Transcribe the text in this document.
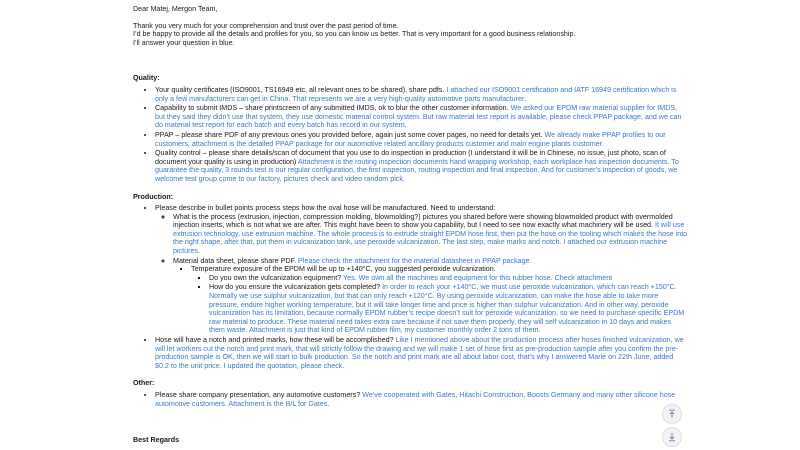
Dear Matej, Mergon Team,

Thank you very much for your comprehension and trust over the past period of time.

I’d be happy to provide all the details and profiles for you, so you can know us better. That is very important for a good business relationship.

I’ll answer your question in blue.

Quality:

• Your quality certificates (ISO9001, TS16949 etc, all relevant ones to be shared), share pdfs. I attached our ISO9001 certification and IATF 16949 certification which is only a few manufacturers can get in China. That represents we are a very high-quality automotive parts manufacturer.
• Capability to submit IMDS – share printscreen of any submitted IMDS, ok to blur the other customer information. We asked our EPDM raw material supplier for IMDS, but they said they didn’t use that system, they use domestic material control system. But raw material test report is available, please check PPAP package, and we can do material test report for each batch and every batch has record in our system.
• PPAP – please share PDF of any previous ones you provided before, again just some cover pages, no need for details yet. We already make PPAP profiles to our customers, attachment is the detailed PPAP package for our automotive related ancillary products customer and main engine plants customer.
• Quality control – please share details/scan of document that you use to do inspection in production (I understand it will be in Chinese, no issue, just photo, scan of document your quality is using in production) Attachment is the routing inspection documents hand wrapping workshop, each workplace has inspection documents. To guarantee the quality, 3 rounds test is our regular configuration, the first inspection, routing inspection and final inspection. And for customer’s inspection of goods, we welcome test group come to our factory, pictures check and video random pick.

Production:

• Please describe in bullet points process steps how the oval hose will be manufactured. Need to understand:
◦ What is the process (extrusion, injection, compression molding, blowmolding?) pictures you shared before were showing blowmolded product with overmolded injection inserts, which is not what we are after. This might have been to show you capability, but I need to see now exactly what machinery will be used. It will use extrusion technology, use extrusion machine. The whole process is to extrude straight EPDM hose first, then put the hose on the tooling which makes the hose into the right shape, after that, put them in vulcanization tank, use peroxide vulcanization. The last step, make marks and notch. I attached our extrusion machine pictures.
◦ Material data sheet, please share PDF. Please check the attachment for the material datasheet in PPAP package.
▪ Temperature exposure of the EPDM will be up to +140°C, you suggested peroxide vulcanization.
▪ Do you own the vulcanization equipment? Yes. We own all the machines and equipment for this rubber hose. Check attachment
▪ How do you ensure the vulcanization gets completed? In order to reach your +140°C, we must use peroxide vulcanization, which can reach +150°C. Normally we use sulphur vulcanization, but that can only reach +120°C. By using peroxide vulcanization, can make the hose able to take more pressure, endure higher working temperature, but it will take longer time and price is higher than sulphur vulcanization. And in other way, peroxide vulcanization has its limitation, because normally EPDM rubber’s recipe doesn’t suit for peroxide vulcanization, so we need to purchase specific EPDM raw material to produce. These material need takes extra care because if not save them properly, they will self vulcanization in 10 days and makes them waste. Attachment is just that kind of EPDM rubber film, my customer monthly order 2 tons of them.
• Hose will have a notch and printed marks, how these will be accomplished? Like I mentioned above about the production process after hoses finished vulcanization, we will let workers cut the notch and print mark, that will strictly follow the drawing and we will make 1 set of hose first as pre-production sample after you confirm the pre-production sample is OK, then we will start to bulk production. So the notch and print mark are all about labor cost, that’s why I answered Marie on 22th June, added $0.2 to the unit price. I updated the quotation, please check.

Other:

• Please share company presentation, any automotive customers? We’ve cooperated with Gates, Hitachi Construction, Boosts Germany and many other silicone hose automotive customers. Attachment is the B/L for Gates.

Best Regards
